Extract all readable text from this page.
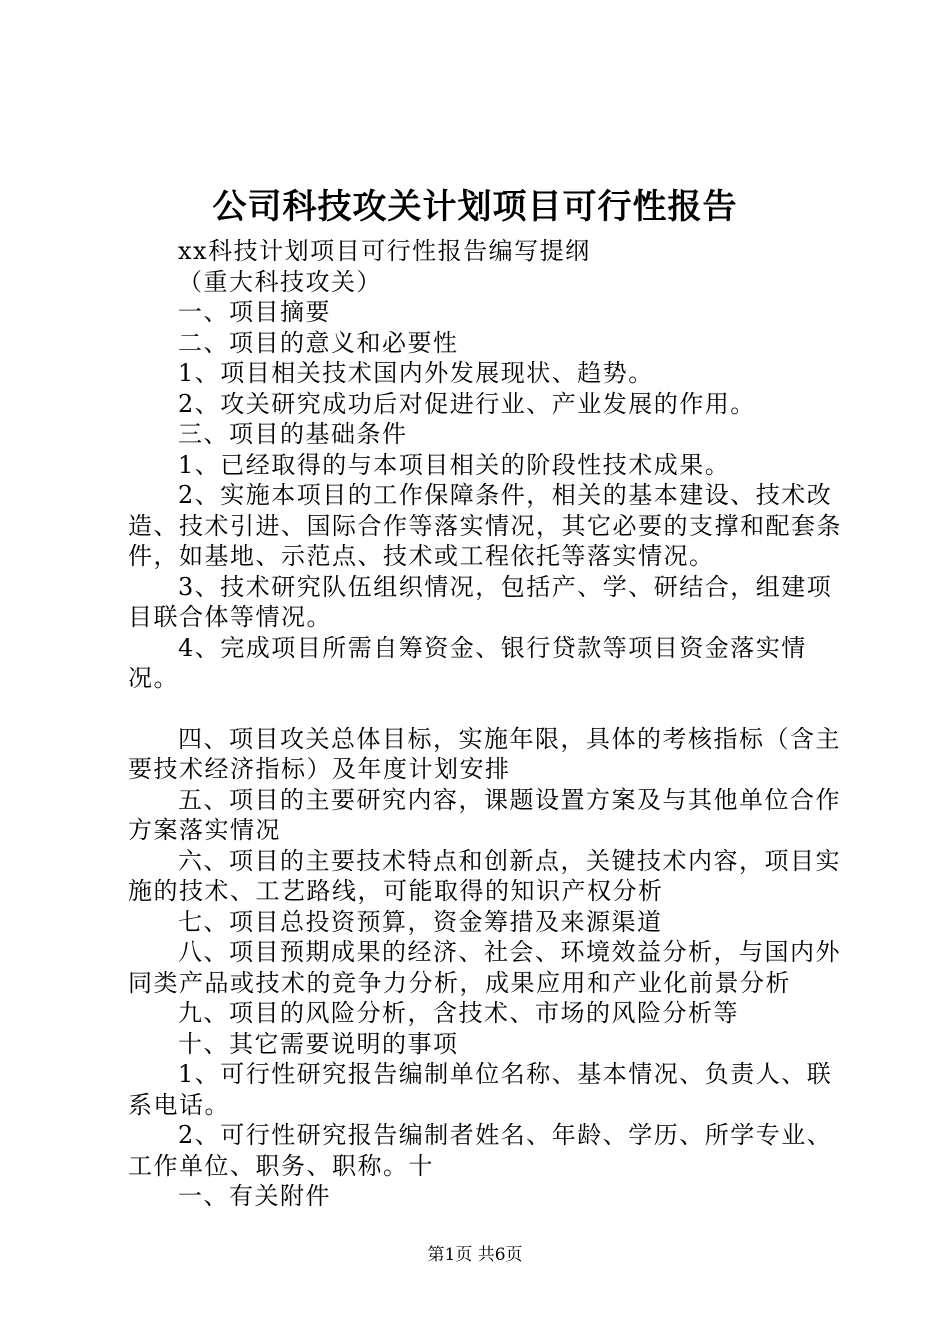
公司科技攻关计划项目可行性报告

xx科技计划项目可行性报告编写提纲

（重大科技攻关）

一、项目摘要

二、项目的意义和必要性

1、项目相关技术国内外发展现状、趋势。

2、攻关研究成功后对促进行业、产业发展的作用。

三、项目的基础条件

1、已经取得的与本项目相关的阶段性技术成果。

2、实施本项目的工作保障条件，相关的基本建设、技术改造、技术引进、国际合作等落实情况，其它必要的支撑和配套条件，如基地、示范点、技术或工程依托等落实情况。

3、技术研究队伍组织情况，包括产、学、研结合，组建项目联合体等情况。

4、完成项目所需自筹资金、银行贷款等项目资金落实情况。

四、项目攻关总体目标，实施年限，具体的考核指标（含主要技术经济指标）及年度计划安排

五、项目的主要研究内容，课题设置方案及与其他单位合作方案落实情况

六、项目的主要技术特点和创新点，关键技术内容，项目实施的技术、工艺路线，可能取得的知识产权分析

七、项目总投资预算，资金筹措及来源渠道

八、项目预期成果的经济、社会、环境效益分析，与国内外同类产品或技术的竞争力分析，成果应用和产业化前景分析

九、项目的风险分析，含技术、市场的风险分析等

十、其它需要说明的事项

1、可行性研究报告编制单位名称、基本情况、负责人、联系电话。

2、可行性研究报告编制者姓名、年龄、学历、所学专业、工作单位、职务、职称。十

一、有关附件

第1页 共6页
